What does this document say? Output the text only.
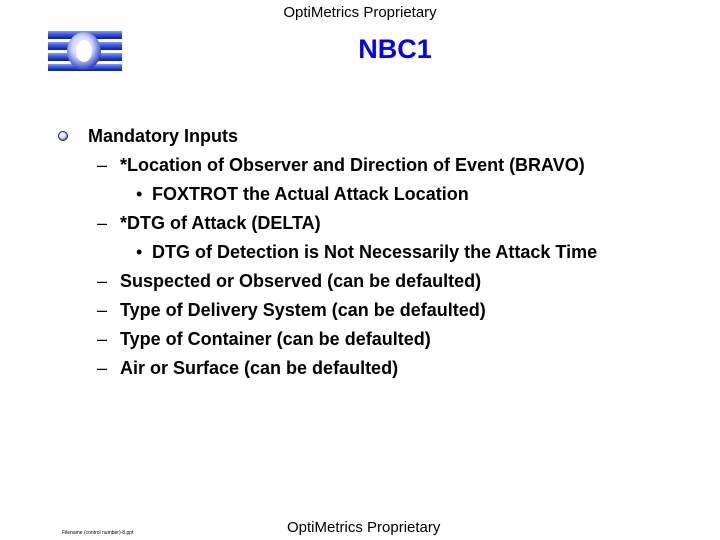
OptiMetrics Proprietary
NBC1
Mandatory Inputs
– *Location of Observer and Direction of Event (BRAVO)
• FOXTROT the Actual Attack Location
– *DTG of Attack (DELTA)
• DTG of Detection is Not Necessarily the Attack Time
– Suspected or Observed (can be defaulted)
– Type of Delivery System (can be defaulted)
– Type of Container (can be defaulted)
– Air or Surface (can be defaulted)
Filename (control number)-8.ppt	OptiMetrics Proprietary
